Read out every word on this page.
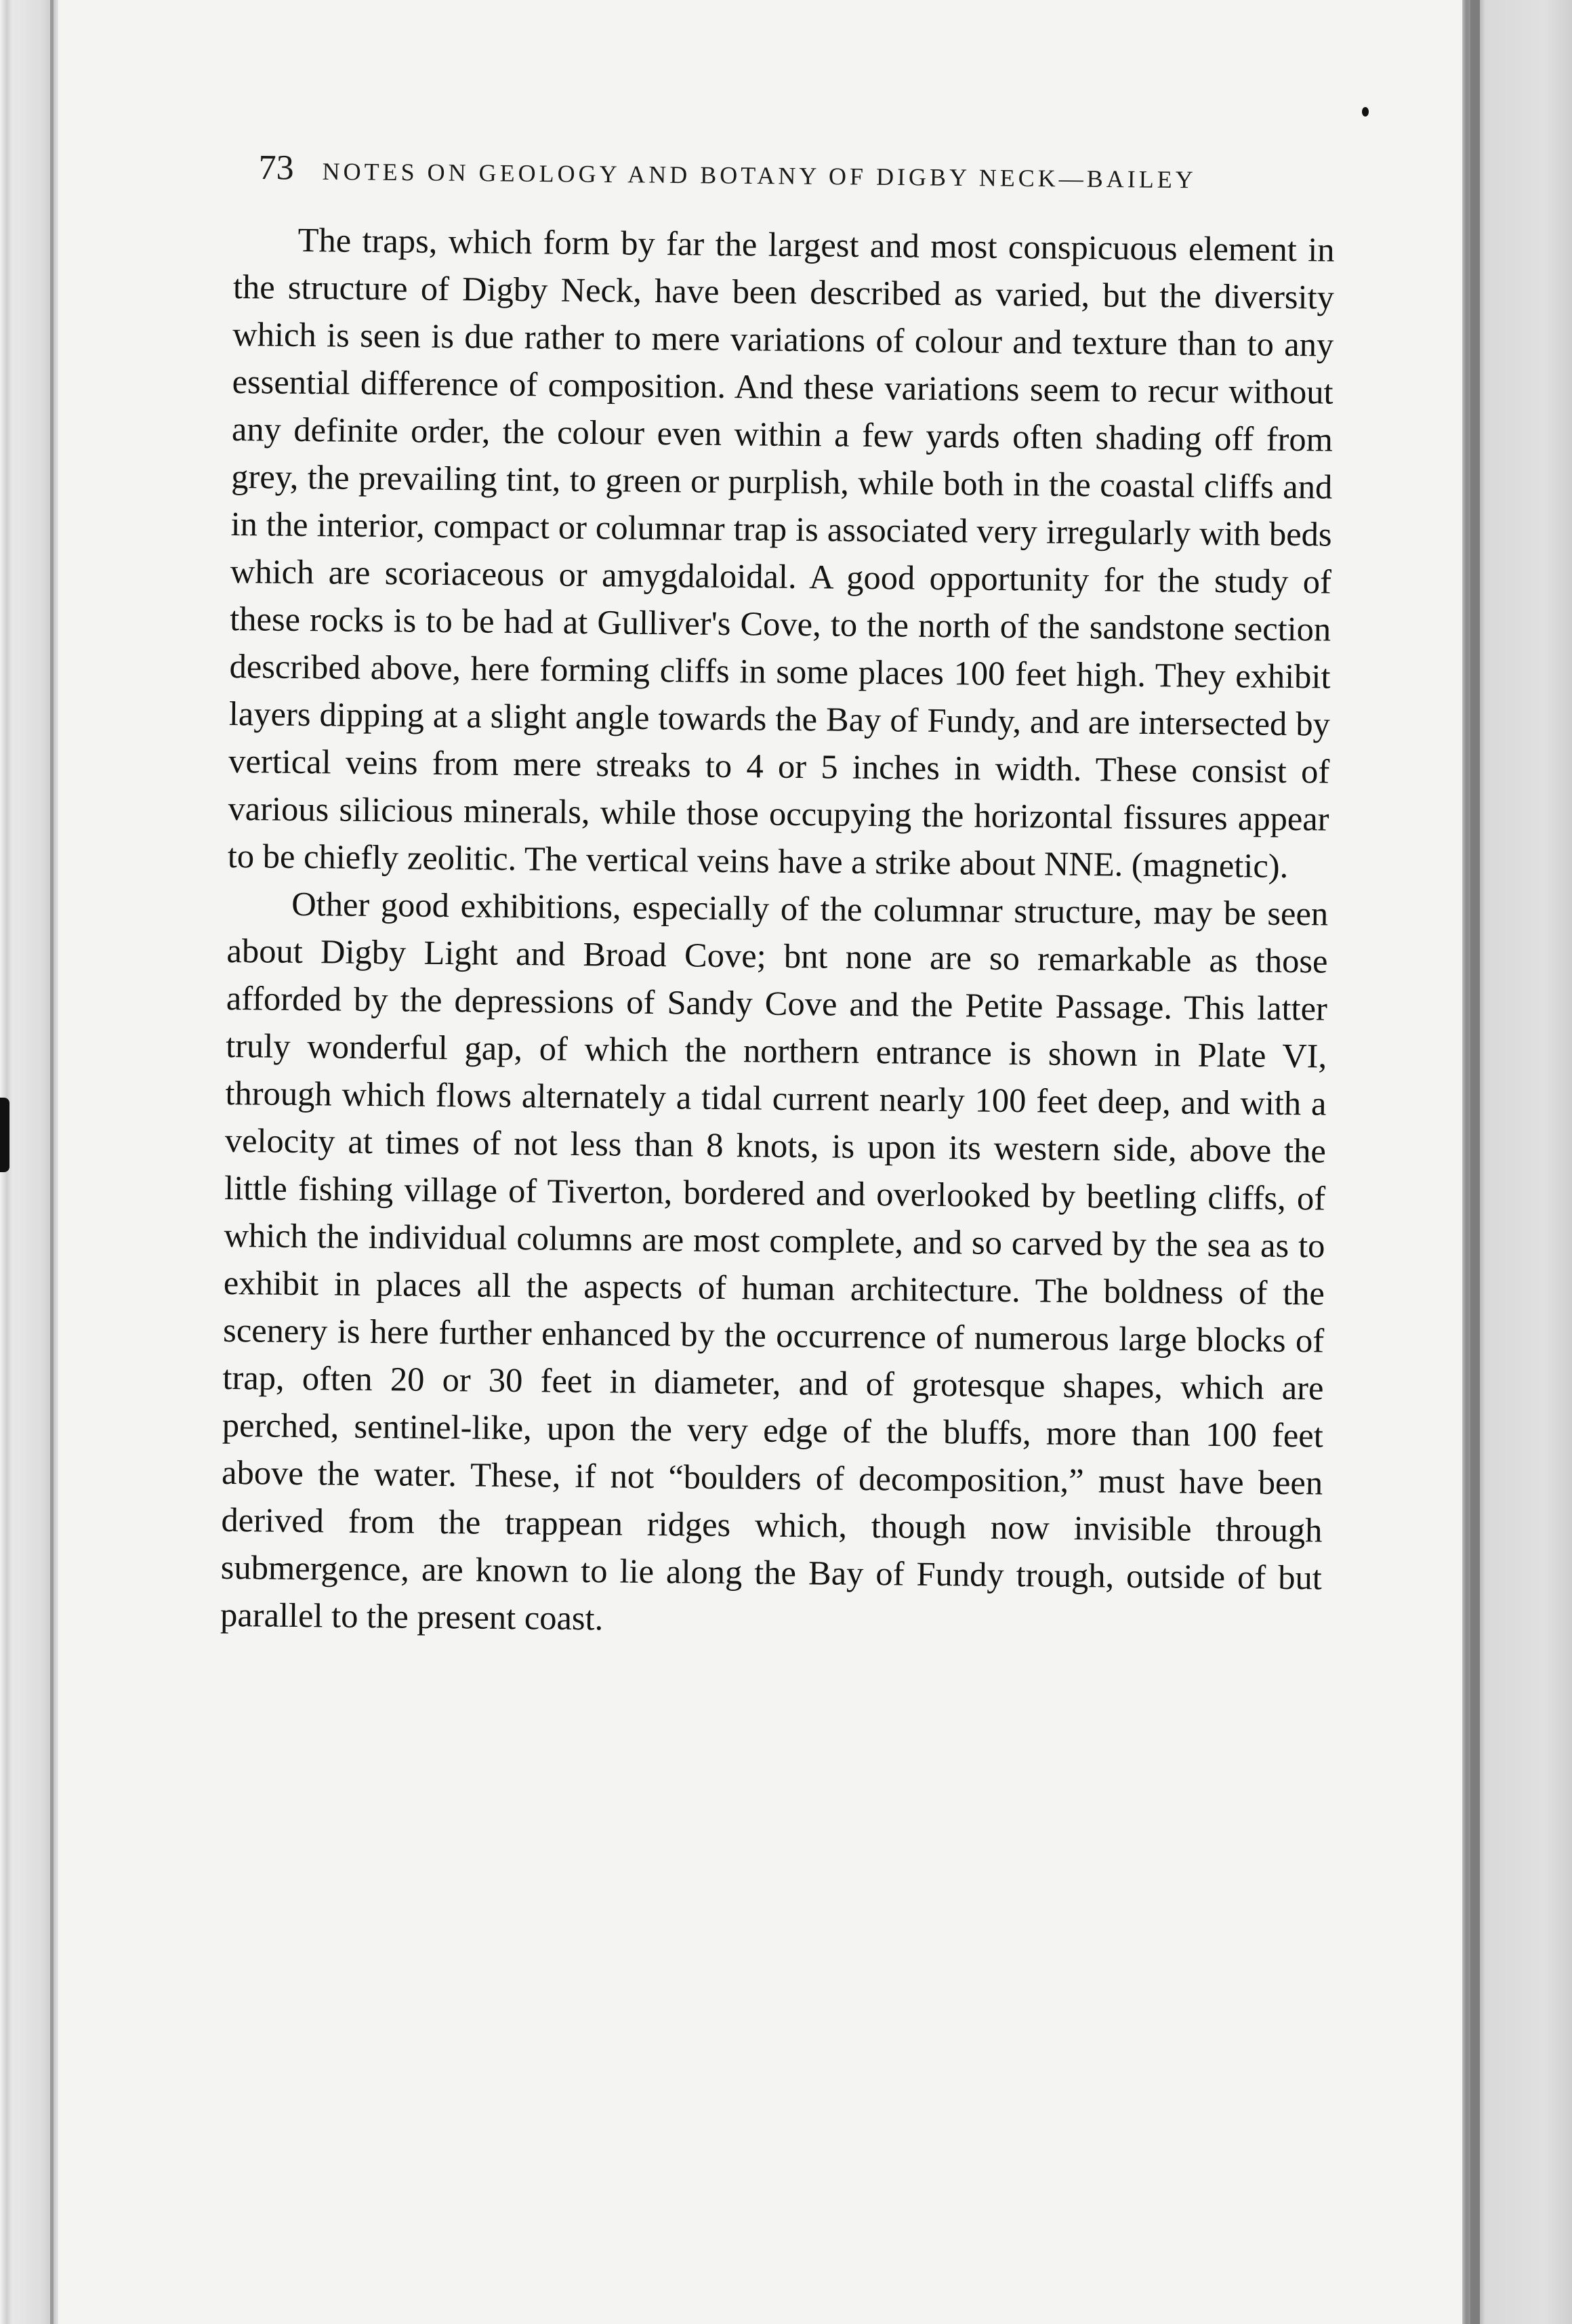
73 NOTES ON GEOLOGY AND BOTANY OF DIGBY NECK—BAILEY

The traps, which form by far the largest and most conspicuous element in the structure of Digby Neck, have been described as varied, but the diversity which is seen is due rather to mere variations of colour and texture than to any essential difference of composition. And these variations seem to recur without any definite order, the colour even within a few yards often shading off from grey, the prevailing tint, to green or purplish, while both in the coastal cliffs and in the interior, compact or columnar trap is associated very irregularly with beds which are scoriaceous or amygdaloidal. A good opportunity for the study of these rocks is to be had at Gulliver's Cove, to the north of the sandstone section described above, here forming cliffs in some places 100 feet high. They exhibit layers dipping at a slight angle towards the Bay of Fundy, and are intersected by vertical veins from mere streaks to 4 or 5 inches in width. These consist of various silicious minerals, while those occupying the horizontal fissures appear to be chiefly zeolitic. The vertical veins have a strike about NNE. (magnetic).

Other good exhibitions, especially of the columnar structure, may be seen about Digby Light and Broad Cove; bnt none are so remarkable as those afforded by the depressions of Sandy Cove and the Petite Passage. This latter truly wonderful gap, of which the northern entrance is shown in Plate VI, through which flows alternately a tidal current nearly 100 feet deep, and with a velocity at times of not less than 8 knots, is upon its western side, above the little fishing village of Tiverton, bordered and overlooked by beetling cliffs, of which the individual columns are most complete, and so carved by the sea as to exhibit in places all the aspects of human architecture. The boldness of the scenery is here further enhanced by the occurrence of numerous large blocks of trap, often 20 or 30 feet in diameter, and of grotesque shapes, which are perched, sentinel-like, upon the very edge of the bluffs, more than 100 feet above the water. These, if not “boulders of decomposition,” must have been derived from the trappean ridges which, though now invisible through submergence, are known to lie along the Bay of Fundy trough, outside of but parallel to the present coast.
